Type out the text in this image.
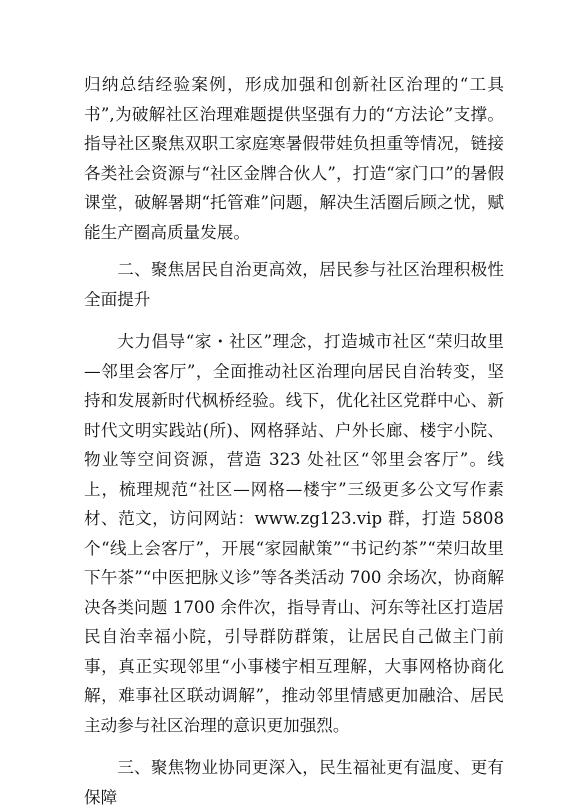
归纳总结经验案例，形成加强和创新社区治理的“工具书”,为破解社区治理难题提供坚强有力的“方法论”支撑。指导社区聚焦双职工家庭寒暑假带娃负担重等情况，链接各类社会资源与“社区金牌合伙人”，打造“家门口”的暑假课堂，破解暑期“托管难”问题，解决生活圈后顾之忧，赋能生产圈高质量发展。

二、聚焦居民自治更高效，居民参与社区治理积极性全面提升

大力倡导“家・社区”理念，打造城市社区“荣归故里—邻里会客厅”，全面推动社区治理向居民自治转变，坚持和发展新时代枫桥经验。线下，优化社区党群中心、新时代文明实践站(所)、网格驿站、户外长廊、楼宇小院、物业等空间资源，营造 323 处社区“邻里会客厅”。线上，梳理规范“社区—网格—楼宇”三级更多公文写作素材、范文，访问网站：www.zg123.vip 群，打造 5808 个“线上会客厅”，开展“家园献策”“书记约茶”“荣归故里下午茶”“中医把脉义诊”等各类活动 700 余场次，协商解决各类问题 1700 余件次，指导青山、河东等社区打造居民自治幸福小院，引导群防群策，让居民自己做主门前事，真正实现邻里“小事楼宇相互理解，大事网格协商化解，难事社区联动调解”，推动邻里情感更加融洽、居民主动参与社区治理的意识更加强烈。

三、聚焦物业协同更深入，民生福祉更有温度、更有保障
